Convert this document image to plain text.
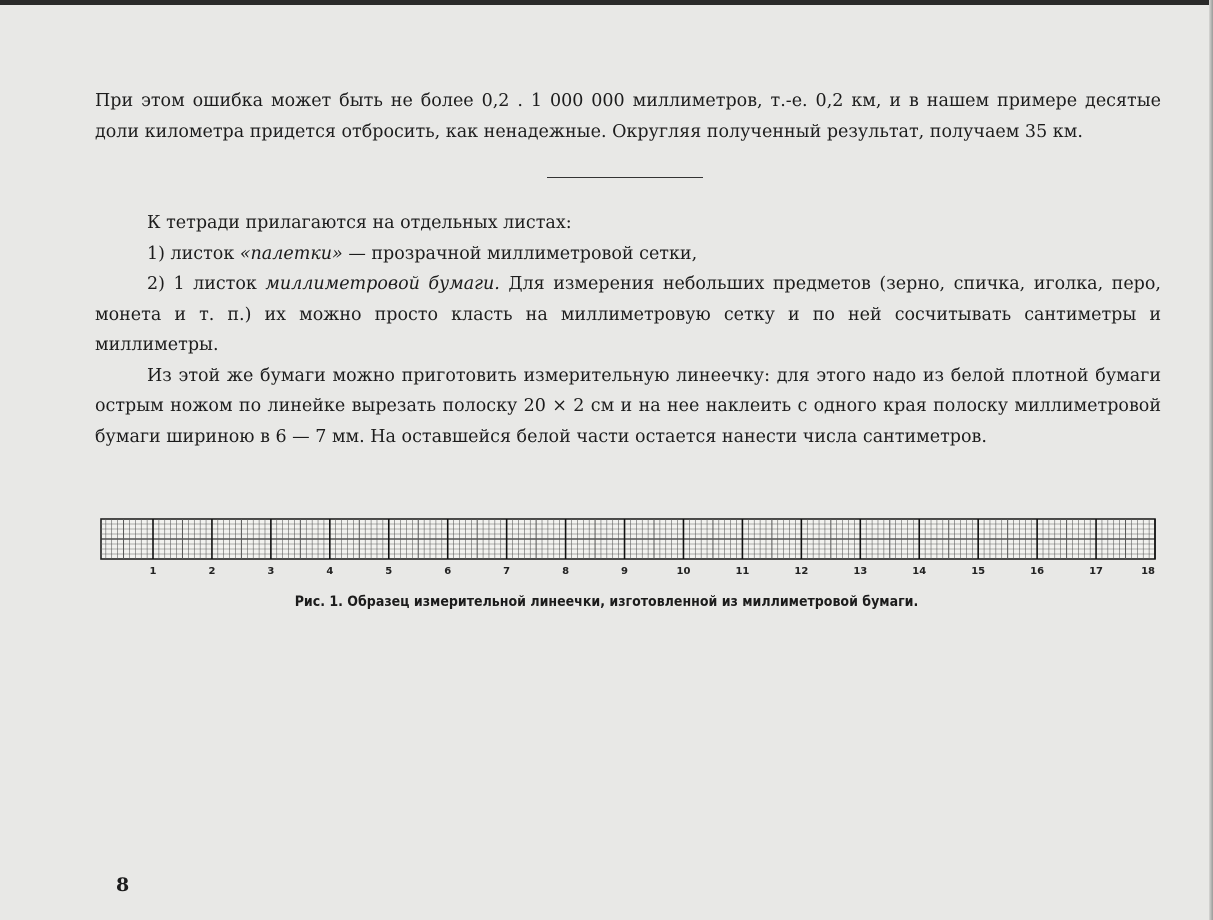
При этом ошибка может быть не более 0,2 . 1 000 000 миллиметров, т.-е. 0,2 км, и в нашем примере десятые доли километра придется отбросить, как ненадежные. Округляя полученный результат, получаем 35 км.

К тетради прилагаются на отдельных листах:

1) листок «палетки» — прозрачной миллиметровой сетки,

2) 1 листок миллиметровой бумаги. Для измерения небольших предметов (зерно, спичка, иголка, перо, монета и т. п.) их можно просто класть на миллиметровую сетку и по ней сосчитывать сантиметры и миллиметры.

Из этой же бумаги можно приготовить измерительную линеечку: для этого надо из белой плотной бумаги острым ножом по линейке вырезать полоску 20 × 2 см и на нее наклеить с одного края полоску миллиметровой бумаги шириною в 6 — 7 мм. На оставшейся белой части остается нанести числа сантиметров.

1	2	3	4	5	6	7	8	9	10	11	12	13	14	15	16	17	18
Рис. 1. Образец измерительной линеечки, изготовленной из миллиметровой бумаги.
8
